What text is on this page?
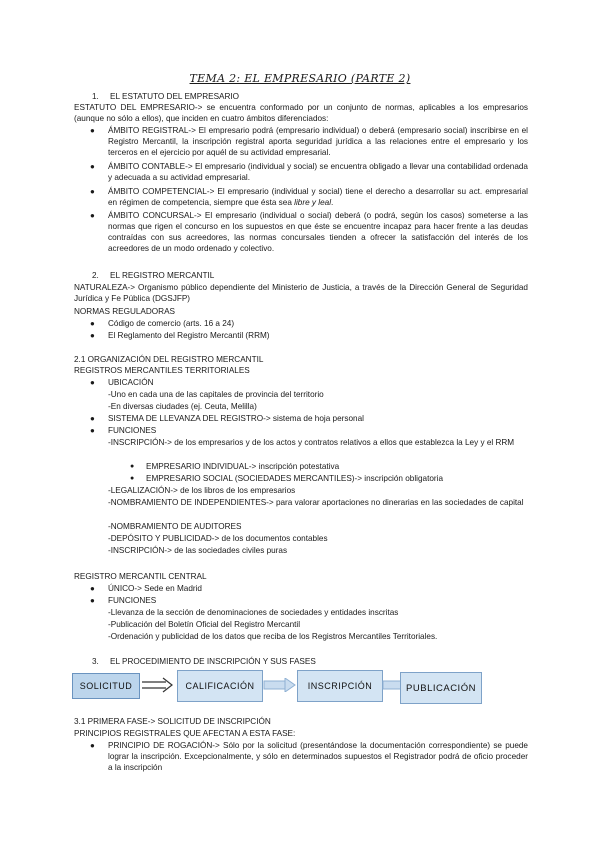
TEMA 2: EL EMPRESARIO (PARTE 2)
1. EL ESTATUTO DEL EMPRESARIO
ESTATUTO DEL EMPRESARIO-> se encuentra conformado por un conjunto de normas, aplicables a los empresarios (aunque no sólo a ellos), que inciden en cuatro ámbitos diferenciados:
● ÁMBITO REGISTRAL-> El empresario podrá (empresario individual) o deberá (empresario social) inscribirse en el Registro Mercantil, la inscripción registral aporta seguridad jurídica a las relaciones entre el empresario y los terceros en el ejercicio por aquél de su actividad empresarial.
● ÁMBITO CONTABLE-> El empresario (individual y social) se encuentra obligado a llevar una contabilidad ordenada y adecuada a su actividad empresarial.
● ÁMBITO COMPETENCIAL-> El empresario (individual y social) tiene el derecho a desarrollar su act. empresarial en régimen de competencia, siempre que ésta sea libre y leal.
● ÁMBITO CONCURSAL-> El empresario (individual o social) deberá (o podrá, según los casos) someterse a las normas que rigen el concurso en los supuestos en que éste se encuentre incapaz para hacer frente a las deudas contraídas con sus acreedores, las normas concursales tienden a ofrecer la satisfacción del interés de los acreedores de un modo ordenado y colectivo.
2. EL REGISTRO MERCANTIL
NATURALEZA-> Organismo público dependiente del Ministerio de Justicia, a través de la Dirección General de Seguridad Jurídica y Fe Pública (DGSJFP)
NORMAS REGULADORAS
● Código de comercio (arts. 16 a 24)
● El Reglamento del Registro Mercantil (RRM)
2.1 ORGANIZACIÓN DEL REGISTRO MERCANTIL
REGISTROS MERCANTILES TERRITORIALES
● UBICACIÓN
-Uno en cada una de las capitales de provincia del territorio
-En diversas ciudades (ej. Ceuta, Melilla)
● SISTEMA DE LLEVANZA DEL REGISTRO-> sistema de hoja personal
● FUNCIONES
-INSCRIPCIÓN-> de los empresarios y de los actos y contratos relativos a ellos que establezca la Ley y el RRM
● EMPRESARIO INDIVIDUAL-> inscripción potestativa
● EMPRESARIO SOCIAL (SOCIEDADES MERCANTILES)-> inscripción obligatoria
-LEGALIZACIÓN-> de los libros de los empresarios
-NOMBRAMIENTO DE INDEPENDIENTES-> para valorar aportaciones no dinerarias en las sociedades de capital
-NOMBRAMIENTO DE AUDITORES
-DEPÓSITO Y PUBLICIDAD-> de los documentos contables
-INSCRIPCIÓN-> de las sociedades civiles puras
REGISTRO MERCANTIL CENTRAL
● ÚNICO-> Sede en Madrid
● FUNCIONES
-Llevanza de la sección de denominaciones de sociedades y entidades inscritas
-Publicación del Boletín Oficial del Registro Mercantil
-Ordenación y publicidad de los datos que reciba de los Registros Mercantiles Territoriales.
3. EL PROCEDIMIENTO DE INSCRIPCIÓN Y SUS FASES
SOLICITUD	CALIFICACIÓN	INSCRIPCIÓN	PUBLICACIÓN
3.1 PRIMERA FASE-> SOLICITUD DE INSCRIPCIÓN
PRINCIPIOS REGISTRALES QUE AFECTAN A ESTA FASE:
● PRINCIPIO DE ROGACIÓN-> Sólo por la solicitud (presentándose la documentación correspondiente) se puede lograr la inscripción. Excepcionalmente, y sólo en determinados supuestos el Registrador podrá de oficio proceder a la inscripción
